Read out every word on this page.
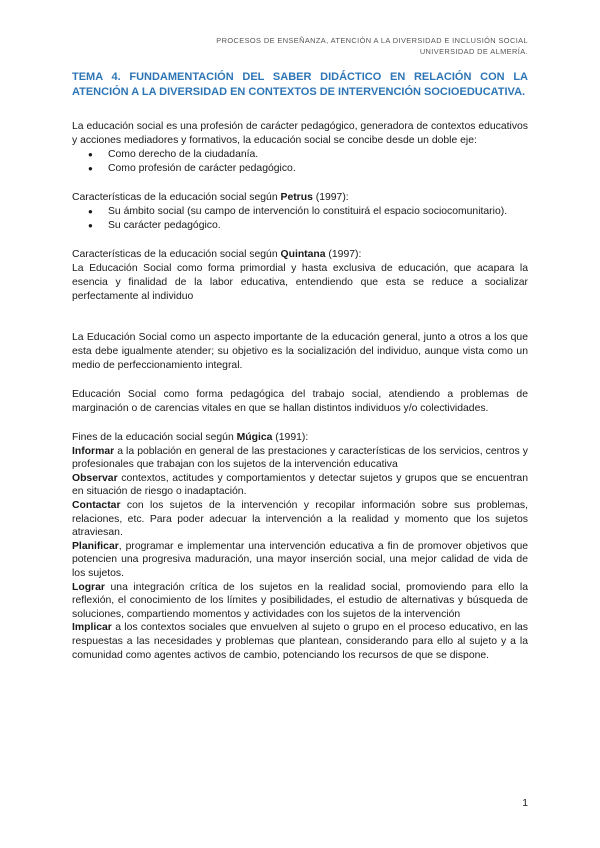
PROCESOS DE ENSEÑANZA, ATENCIÓN A LA DIVERSIDAD E INCLUSIÓN SOCIAL
UNIVERSIDAD DE ALMERÍA.

TEMA 4. FUNDAMENTACIÓN DEL SABER DIDÁCTICO EN RELACIÓN CON LA ATENCIÓN A LA DIVERSIDAD EN CONTEXTOS DE INTERVENCIÓN SOCIOEDUCATIVA.

La educación social es una profesión de carácter pedagógico, generadora de contextos educativos y acciones mediadores y formativos, la educación social se concibe desde un doble eje:

● Como derecho de la ciudadanía.
● Como profesión de carácter pedagógico.

Características de la educación social según Petrus (1997):

● Su ámbito social (su campo de intervención lo constituirá el espacio sociocomunitario).
● Su carácter pedagógico.

Características de la educación social según Quintana (1997):

La Educación Social como forma primordial y hasta exclusiva de educación, que acapara la esencia y finalidad de la labor educativa, entendiendo que esta se reduce a socializar perfectamente al individuo

La Educación Social como un aspecto importante de la educación general, junto a otros a los que esta debe igualmente atender; su objetivo es la socialización del individuo, aunque vista como un medio de perfeccionamiento integral.

Educación Social como forma pedagógica del trabajo social, atendiendo a problemas de marginación o de carencias vitales en que se hallan distintos individuos y/o colectividades.

Fines de la educación social según Múgica (1991):

Informar a la población en general de las prestaciones y características de los servicios, centros y profesionales que trabajan con los sujetos de la intervención educativa

Observar contextos, actitudes y comportamientos y detectar sujetos y grupos que se encuentran en situación de riesgo o inadaptación.

Contactar con los sujetos de la intervención y recopilar información sobre sus problemas, relaciones, etc. Para poder adecuar la intervención a la realidad y momento que los sujetos atraviesan.

Planificar, programar e implementar una intervención educativa a fin de promover objetivos que potencien una progresiva maduración, una mayor inserción social, una mejor calidad de vida de los sujetos.

Lograr una integración crítica de los sujetos en la realidad social, promoviendo para ello la reflexión, el conocimiento de los límites y posibilidades, el estudio de alternativas y búsqueda de soluciones, compartiendo momentos y actividades con los sujetos de la intervención

Implicar a los contextos sociales que envuelven al sujeto o grupo en el proceso educativo, en las respuestas a las necesidades y problemas que plantean, considerando para ello al sujeto y a la comunidad como agentes activos de cambio, potenciando los recursos de que se dispone.

1
